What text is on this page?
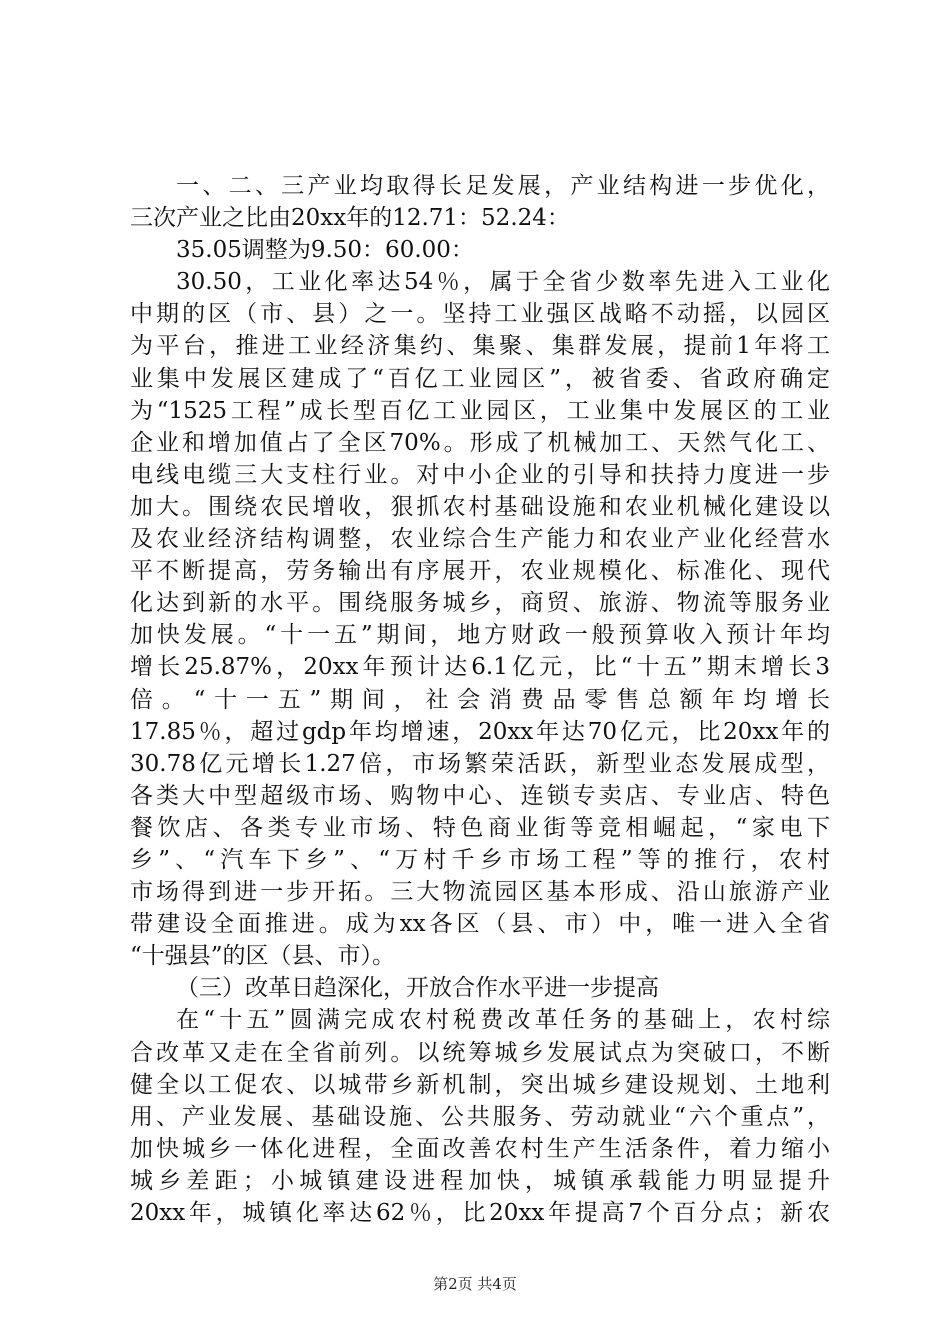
一、二、三产业均取得长足发展，产业结构进一步优化，
三次产业之比由20xx年的12.71：52.24：
35.05调整为9.50：60.00：
30.50，工业化率达54％，属于全省少数率先进入工业化
中期的区（市、县）之一。坚持工业强区战略不动摇，以园区
为平台，推进工业经济集约、集聚、集群发展，提前1年将工
业集中发展区建成了“百亿工业园区”，被省委、省政府确定
为“1525工程”成长型百亿工业园区，工业集中发展区的工业
企业和增加值占了全区70%。形成了机械加工、天然气化工、
电线电缆三大支柱行业。对中小企业的引导和扶持力度进一步
加大。围绕农民增收，狠抓农村基础设施和农业机械化建设以
及农业经济结构调整，农业综合生产能力和农业产业化经营水
平不断提高，劳务输出有序展开，农业规模化、标准化、现代
化达到新的水平。围绕服务城乡，商贸、旅游、物流等服务业
加快发展。“十一五”期间，地方财政一般预算收入预计年均
增长25.87%，20xx年预计达6.1亿元，比“十五”期末增长3
倍。“十一五”期间，社会消费品零售总额年均增长
17.85％，超过gdp年均增速，20xx年达70亿元，比20xx年的
30.78亿元增长1.27倍，市场繁荣活跃，新型业态发展成型，
各类大中型超级市场、购物中心、连锁专卖店、专业店、特色
餐饮店、各类专业市场、特色商业街等竞相崛起，“家电下
乡”、“汽车下乡”、“万村千乡市场工程”等的推行，农村
市场得到进一步开拓。三大物流园区基本形成、沿山旅游产业
带建设全面推进。成为xx各区（县、市）中，唯一进入全省
“十强县”的区（县、市）。
（三）改革日趋深化，开放合作水平进一步提高
在“十五”圆满完成农村税费改革任务的基础上，农村综
合改革又走在全省前列。以统筹城乡发展试点为突破口，不断
健全以工促农、以城带乡新机制，突出城乡建设规划、土地利
用、产业发展、基础设施、公共服务、劳动就业“六个重点”，
加快城乡一体化进程，全面改善农村生产生活条件，着力缩小
城乡差距；小城镇建设进程加快，城镇承载能力明显提升
20xx年，城镇化率达62％，比20xx年提高7个百分点；新农
第2页 共4页
